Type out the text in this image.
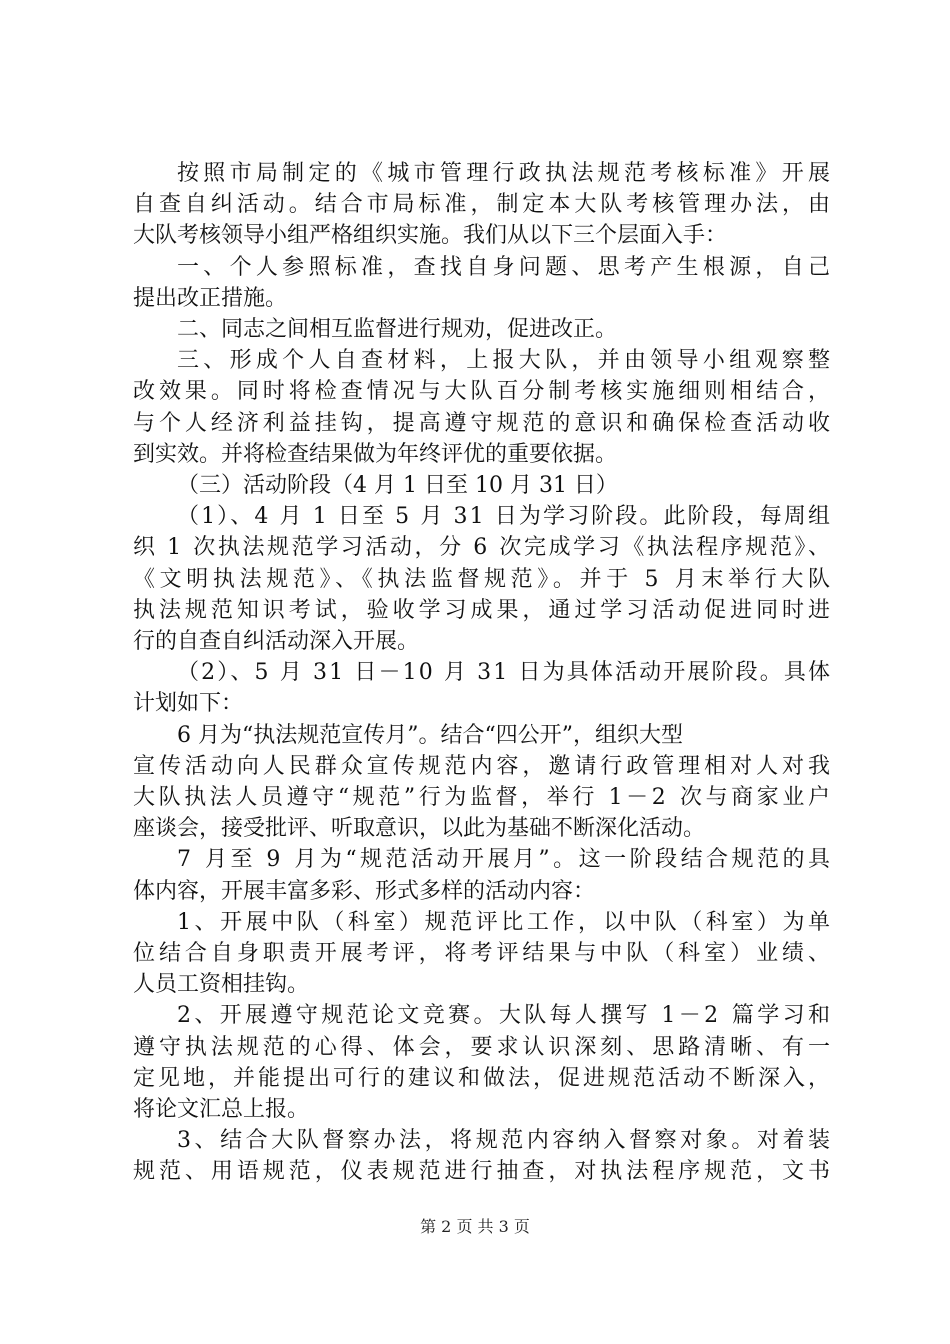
按照市局制定的《城市管理行政执法规范考核标准》开展
自查自纠活动。结合市局标准，制定本大队考核管理办法，由
大队考核领导小组严格组织实施。我们从以下三个层面入手：
一、个人参照标准，查找自身问题、思考产生根源，自己
提出改正措施。
二、同志之间相互监督进行规劝，促进改正。
三、形成个人自查材料，上报大队，并由领导小组观察整
改效果。同时将检查情况与大队百分制考核实施细则相结合，
与个人经济利益挂钩，提高遵守规范的意识和确保检查活动收
到实效。并将检查结果做为年终评优的重要依据。
（三）活动阶段（4 月 1 日至 10 月 31 日）
（1）、4 月 1 日至 5 月 31 日为学习阶段。此阶段，每周组
织 1 次执法规范学习活动，分 6 次完成学习《执法程序规范》、
《文明执法规范》、《执法监督规范》。并于 5 月末举行大队
执法规范知识考试，验收学习成果，通过学习活动促进同时进
行的自查自纠活动深入开展。
（2）、5 月 31 日－10 月 31 日为具体活动开展阶段。具体
计划如下：
6 月为“执法规范宣传月”。结合“四公开”，组织大型
宣传活动向人民群众宣传规范内容，邀请行政管理相对人对我
大队执法人员遵守“规范”行为监督，举行 1－2 次与商家业户
座谈会，接受批评、听取意识，以此为基础不断深化活动。
7 月至 9 月为“规范活动开展月”。这一阶段结合规范的具
体内容，开展丰富多彩、形式多样的活动内容：
1、开展中队（科室）规范评比工作，以中队（科室）为单
位结合自身职责开展考评，将考评结果与中队（科室）业绩、
人员工资相挂钩。
2、开展遵守规范论文竞赛。大队每人撰写 1－2 篇学习和
遵守执法规范的心得、体会，要求认识深刻、思路清晰、有一
定见地，并能提出可行的建议和做法，促进规范活动不断深入，
将论文汇总上报。
3、结合大队督察办法，将规范内容纳入督察对象。对着装
规范、用语规范，仪表规范进行抽查，对执法程序规范，文书
第 2 页 共 3 页
